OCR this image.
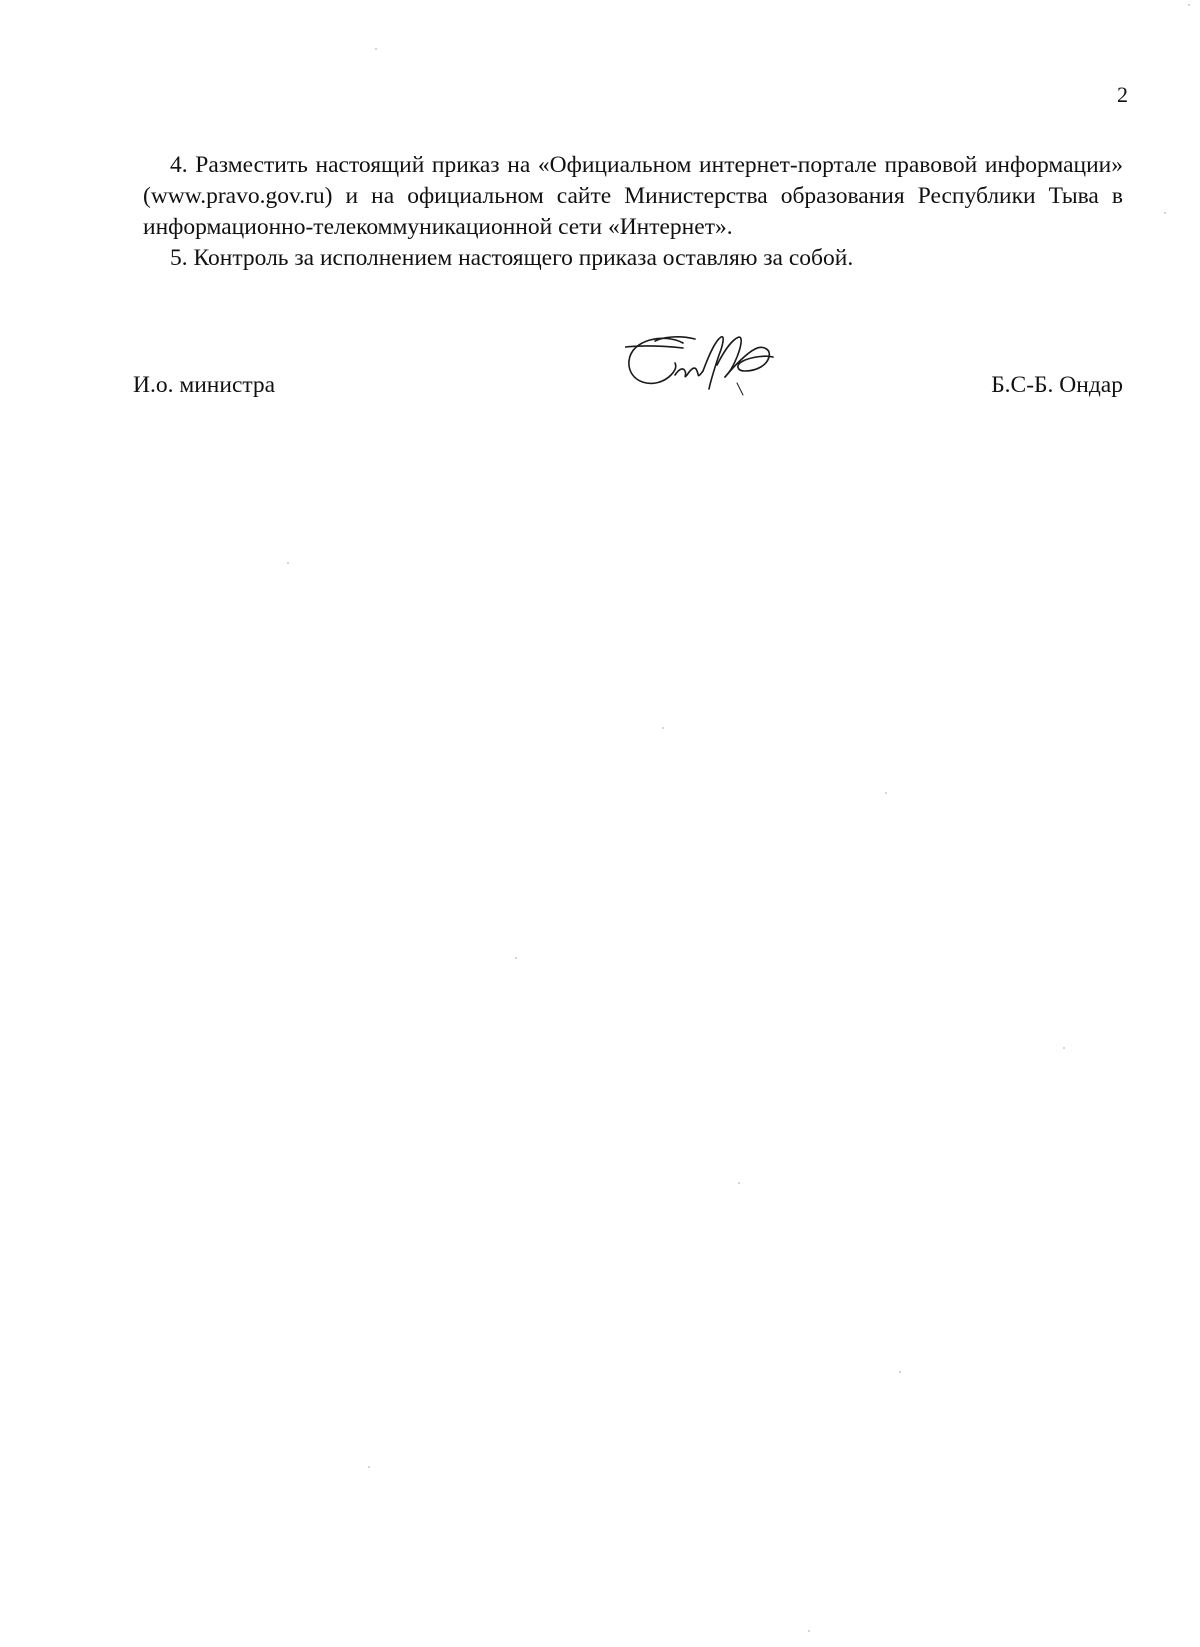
2

4. Разместить настоящий приказ на «Официальном интернет-портале правовой информации» (www.pravo.gov.ru) и на официальном сайте Министерства образования Республики Тыва в информационно-телекоммуникационной сети «Интернет».

5. Контроль за исполнением настоящего приказа оставляю за собой.

И.о. министра	Б.С-Б. Ондар
